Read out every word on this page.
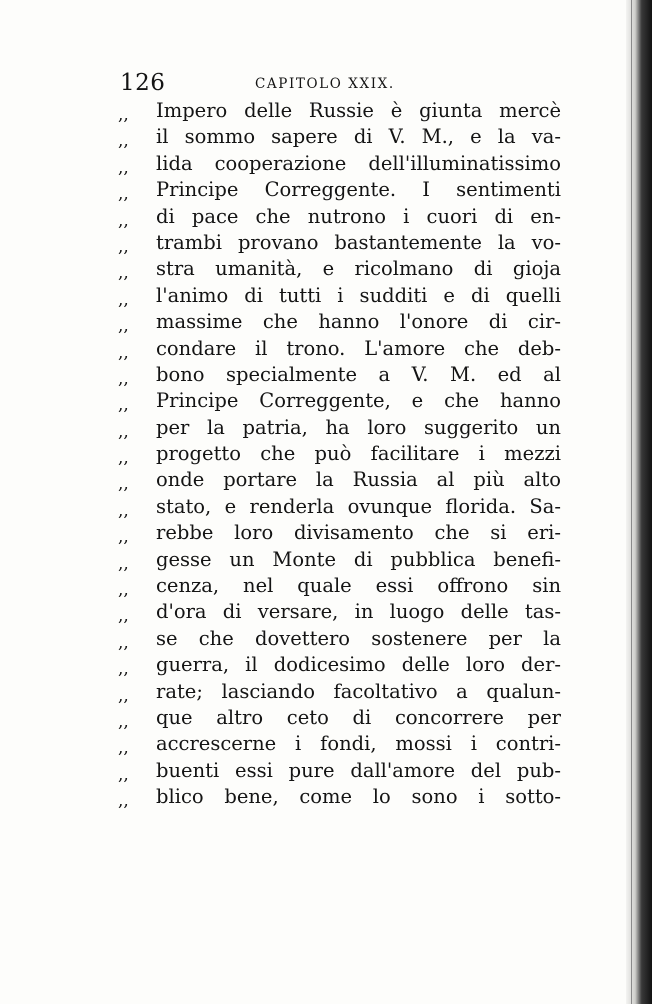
126	CAPITOLO XXIX.
,,	Impero delle Russie è giunta mercè
,,	il sommo sapere di V. M., e la va-
,,	lida cooperazione dell'illuminatissimo
,,	Principe Correggente. I sentimenti
,,	di pace che nutrono i cuori di en-
,,	trambi provano bastantemente la vo-
,,	stra umanità, e ricolmano di gioja
,,	l'animo di tutti i sudditi e di quelli
,,	massime che hanno l'onore di cir-
,,	condare il trono. L'amore che deb-
,,	bono specialmente a V. M. ed al
,,	Principe Correggente, e che hanno
,,	per la patria, ha loro suggerito un
,,	progetto che può facilitare i mezzi
,,	onde portare la Russia al più alto
,,	stato, e renderla ovunque florida. Sa-
,,	rebbe loro divisamento che si eri-
,,	gesse un Monte di pubblica benefi-
,,	cenza, nel quale essi offrono sin
,,	d'ora di versare, in luogo delle tas-
,,	se che dovettero sostenere per la
,,	guerra, il dodicesimo delle loro der-
,,	rate; lasciando facoltativo a qualun-
,,	que altro ceto di concorrere per
,,	accrescerne i fondi, mossi i contri-
,,	buenti essi pure dall'amore del pub-
,,	blico bene, come lo sono i sotto-
